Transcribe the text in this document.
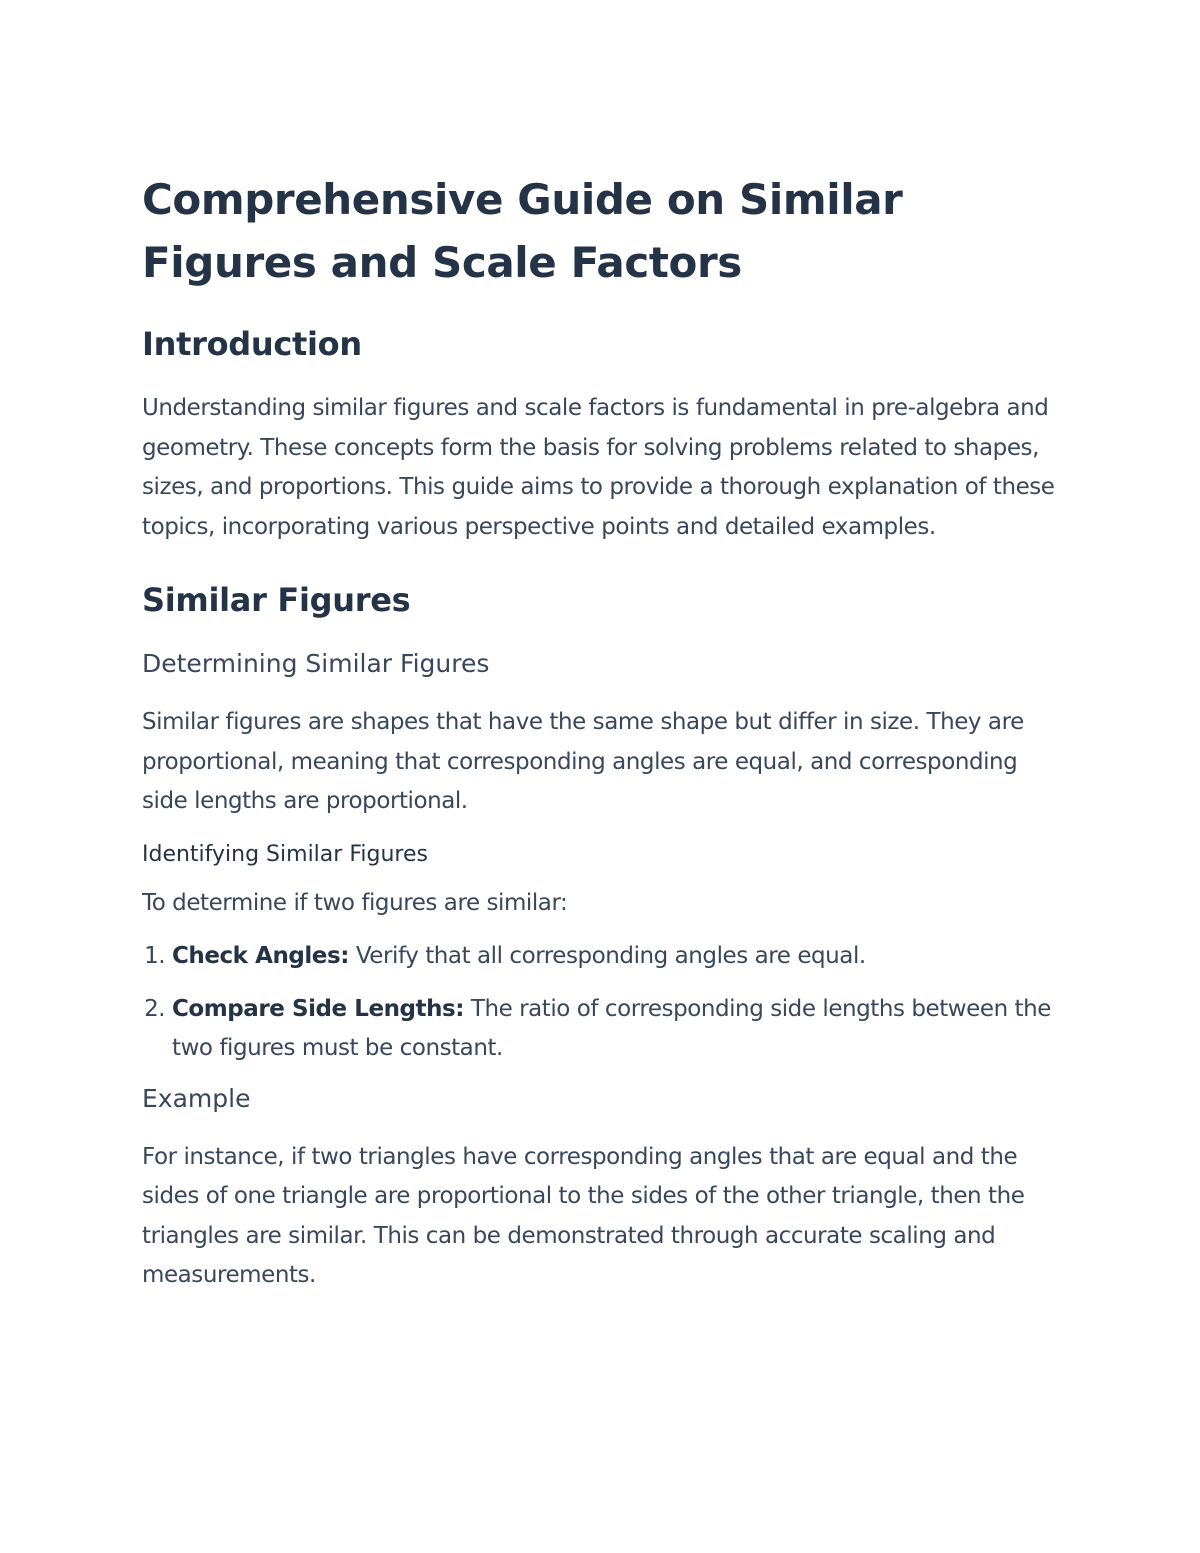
Comprehensive Guide on Similar Figures and Scale Factors
Introduction

Understanding similar figures and scale factors is fundamental in pre-algebra and geometry. These concepts form the basis for solving problems related to shapes, sizes, and proportions. This guide aims to provide a thorough explanation of these topics, incorporating various perspective points and detailed examples.

Similar Figures
Determining Similar Figures

Similar figures are shapes that have the same shape but differ in size. They are proportional, meaning that corresponding angles are equal, and corresponding side lengths are proportional.

Identifying Similar Figures

To determine if two figures are similar:

1. Check Angles: Verify that all corresponding angles are equal.
2. Compare Side Lengths: The ratio of corresponding side lengths between the two figures must be constant.
Example

For instance, if two triangles have corresponding angles that are equal and the sides of one triangle are proportional to the sides of the other triangle, then the triangles are similar. This can be demonstrated through accurate scaling and measurements.
